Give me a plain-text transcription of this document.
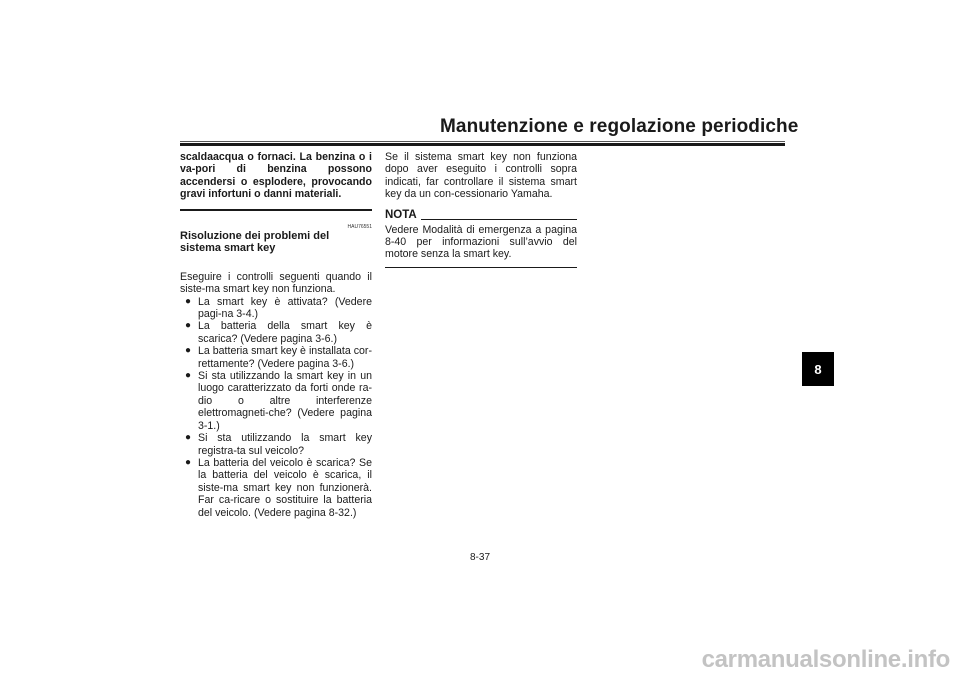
Manutenzione e regolazione periodiche

scaldaacqua o fornaci. La benzina o i va-pori di benzina possono accendersi o esplodere, provocando gravi infortuni o danni materiali.

HAU76551

Risoluzione dei problemi del sistema smart key

Eseguire i controlli seguenti quando il siste-ma smart key non funziona.

● La smart key è attivata? (Vedere pagi-na 3-4.)
● La batteria della smart key è scarica? (Vedere pagina 3-6.)
● La batteria smart key è installata cor-rettamente? (Vedere pagina 3-6.)
● Si sta utilizzando la smart key in un luogo caratterizzato da forti onde ra-dio o altre interferenze elettromagneti-che? (Vedere pagina 3-1.)
● Si sta utilizzando la smart key registra-ta sul veicolo?
● La batteria del veicolo è scarica? Se la batteria del veicolo è scarica, il siste-ma smart key non funzionerà. Far ca-ricare o sostituire la batteria del veicolo. (Vedere pagina 8-32.)

Se il sistema smart key non funziona dopo aver eseguito i controlli sopra indicati, far controllare il sistema smart key da un con-cessionario Yamaha.

NOTA

Vedere Modalità di emergenza a pagina 8-40 per informazioni sull’avvio del motore senza la smart key.

8-37
8
carmanualsonline.info
